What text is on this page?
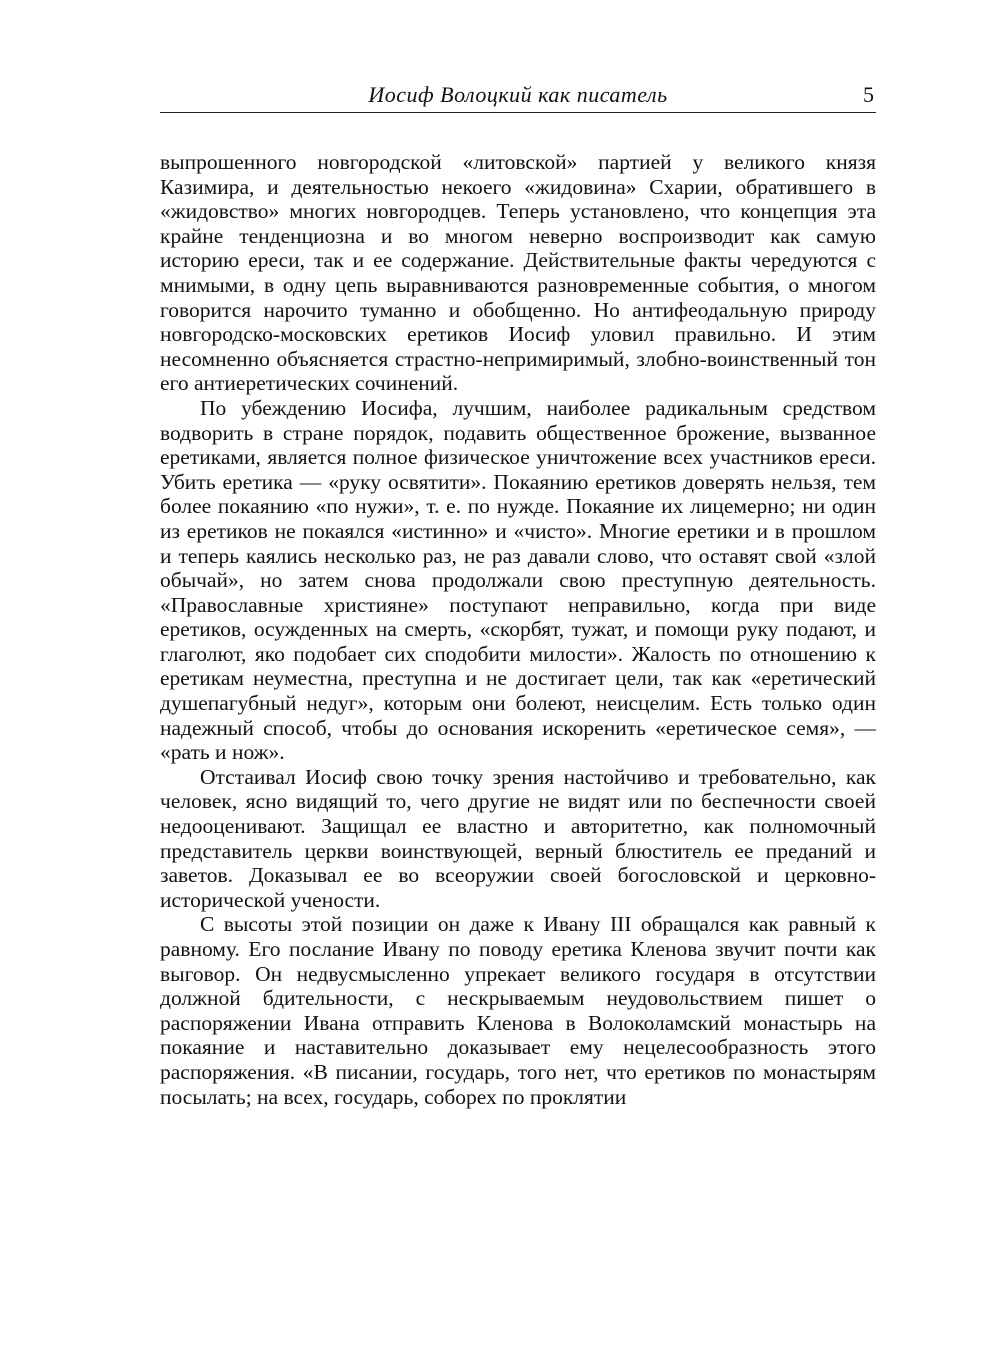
Иосиф Волоцкий как писатель	5

выпрошенного новгородской «литовской» партией у великого князя Казимира, и деятельностью некоего «жидовина» Схарии, обратившего в «жидовство» многих новгородцев. Теперь установлено, что концепция эта крайне тенденциозна и во многом неверно воспроизводит как самую историю ереси, так и ее содержание. Действительные факты чередуются с мнимыми, в одну цепь выравниваются разновременные события, о многом говорится нарочито туманно и обобщенно. Но антифеодальную природу новгородско-московских еретиков Иосиф уловил правильно. И этим несомненно объясняется страстно-непримиримый, злобно-воинственный тон его антиеретических сочинений.

По убеждению Иосифа, лучшим, наиболее радикальным средством водворить в стране порядок, подавить общественное брожение, вызванное еретиками, является полное физическое уничтожение всех участников ереси. Убить еретика — «руку освятити». Покаянию еретиков доверять нельзя, тем более покаянию «по нужи», т. е. по нужде. Покаяние их лицемерно; ни один из еретиков не покаялся «истинно» и «чисто». Многие еретики и в прошлом и теперь каялись несколько раз, не раз давали слово, что оставят свой «злой обычай», но затем снова продолжали свою преступную деятельность. «Православные християне» поступают неправильно, когда при виде еретиков, осужденных на смерть, «скорбят, тужат, и помощи руку подают, и глаголют, яко подобает сих сподобити милости». Жалость по отношению к еретикам неуместна, преступна и не достигает цели, так как «еретический душепагубный недуг», которым они болеют, неисцелим. Есть только один надежный способ, чтобы до основания искоренить «еретическое семя», — «рать и нож».

Отстаивал Иосиф свою точку зрения настойчиво и требовательно, как человек, ясно видящий то, чего другие не видят или по беспечности своей недооценивают. Защищал ее властно и авторитетно, как полномочный представитель церкви воинствующей, верный блюститель ее преданий и заветов. Доказывал ее во всеоружии своей богословской и церковно-исторической учености.

С высоты этой позиции он даже к Ивану III обращался как равный к равному. Его послание Ивану по поводу еретика Кленова звучит почти как выговор. Он недвусмысленно упрекает великого государя в отсутствии должной бдительности, с нескрываемым неудовольствием пишет о распоряжении Ивана отправить Кленова в Волоколамский монастырь на покаяние и наставительно доказывает ему нецелесообразность этого распоряжения. «В писании, государь, того нет, что еретиков по монастырям посылать; на всех, государь, соборех по проклятии
